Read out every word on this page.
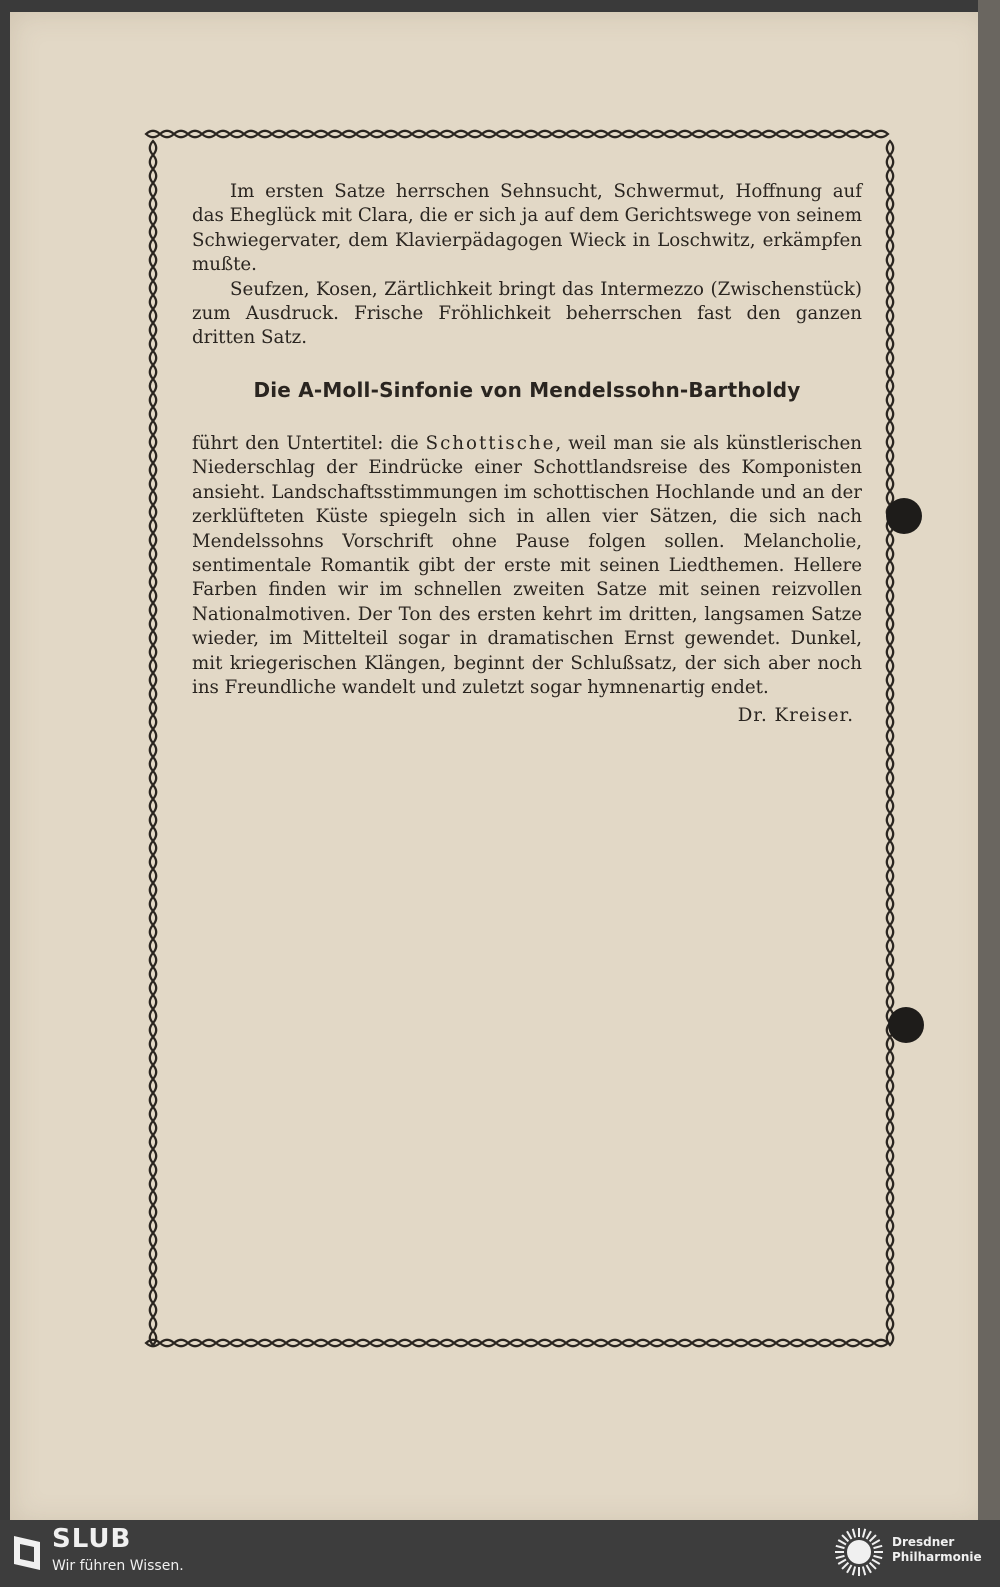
Im ersten Satze herrschen Sehnsucht, Schwermut, Hoffnung auf das Eheglück mit Clara, die er sich ja auf dem Gerichtswege von seinem Schwiegervater, dem Klavierpädagogen Wieck in Loschwitz, erkämpfen mußte.

Seufzen, Kosen, Zärtlichkeit bringt das Intermezzo (Zwischenstück) zum Ausdruck. Frische Fröhlichkeit beherrschen fast den ganzen dritten Satz.

Die A-Moll-Sinfonie von Mendelssohn-Bartholdy

führt den Untertitel: die Schottische, weil man sie als künstlerischen Niederschlag der Eindrücke einer Schottlandsreise des Komponisten ansieht. Landschaftsstimmungen im schottischen Hochlande und an der zerklüfteten Küste spiegeln sich in allen vier Sätzen, die sich nach Mendelssohns Vorschrift ohne Pause folgen sollen. Melancholie, sentimentale Romantik gibt der erste mit seinen Liedthemen. Hellere Farben finden wir im schnellen zweiten Satze mit seinen reizvollen Nationalmotiven. Der Ton des ersten kehrt im dritten, langsamen Satze wieder, im Mittelteil sogar in dramatischen Ernst gewendet. Dunkel, mit kriegerischen Klängen, beginnt der Schlußsatz, der sich aber noch ins Freundliche wandelt und zuletzt sogar hymnenartig endet.

Dr. Kreiser.
SLUB
Wir führen Wissen.
Dresdner
Philharmonie
